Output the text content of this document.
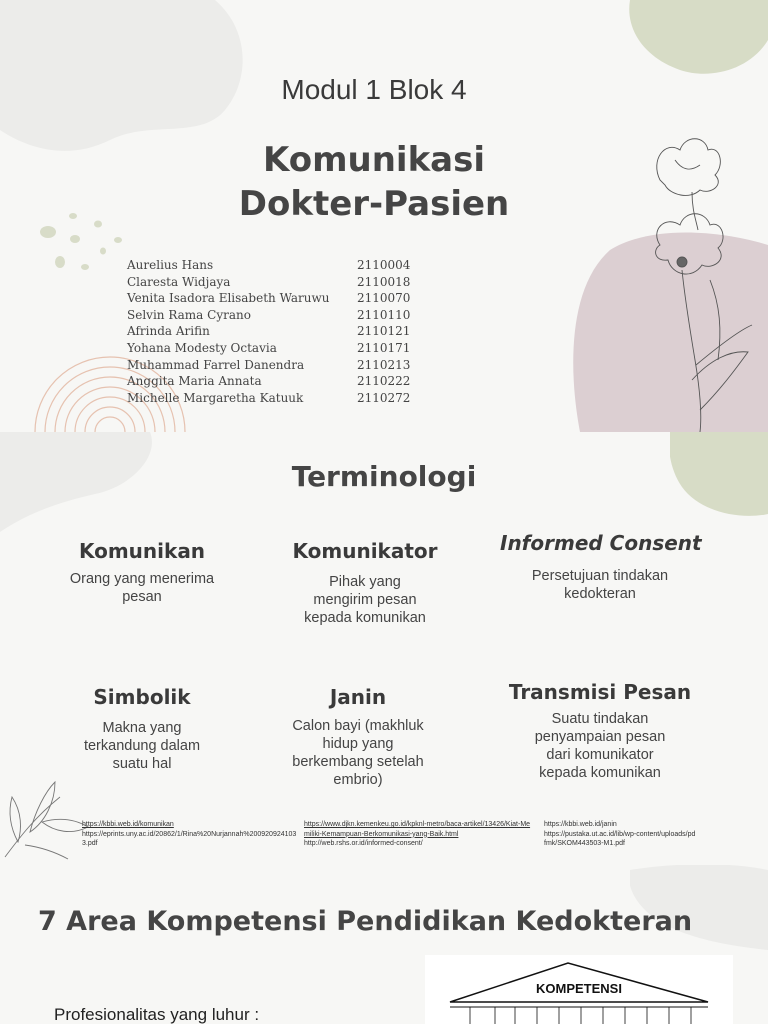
Modul 1 Blok 4
Komunikasi
Dokter-Pasien
Aurelius Hans	2110004
Claresta Widjaya	2110018
Venita Isadora Elisabeth Waruwu 2110070
Selvin Rama Cyrano	2110110
Afrinda Arifin	2110121
Yohana Modesty Octavia	2110171
Muhammad Farrel Danendra	2110213
Anggita Maria Annata	2110222
Michelle Margaretha Katuuk	2110272
Terminologi
Komunikan
Orang yang menerima pesan
Komunikator
Pihak yang mengirim pesan kepada komunikan
Informed Consent
Persetujuan tindakan kedokteran
Simbolik
Makna yang terkandung dalam suatu hal
Janin
Calon bayi (makhluk hidup yang berkembang setelah embrio)
Transmisi Pesan
Suatu tindakan penyampaian pesan dari komunikator kepada komunikan
https://kbbi.web.id/komunikan
https://eprints.uny.ac.id/20862/1/Rina%20Nurjannah%2009209241033.pdf
https://www.djkn.kemenkeu.go.id/kpknl-metro/baca-artikel/13426/Kiat-Memiliki-Kemampuan-Berkomunikasi-yang-Baik.html
http://web.rshs.or.id/informed-consent/
https://kbbi.web.id/janin
https://pustaka.ut.ac.id/lib/wp-content/uploads/pdfmk/SKOM443503-M1.pdf
7 Area Kompetensi Pendidikan Kedokteran
Profesionalitas yang luhur :
KOMPETENSI
